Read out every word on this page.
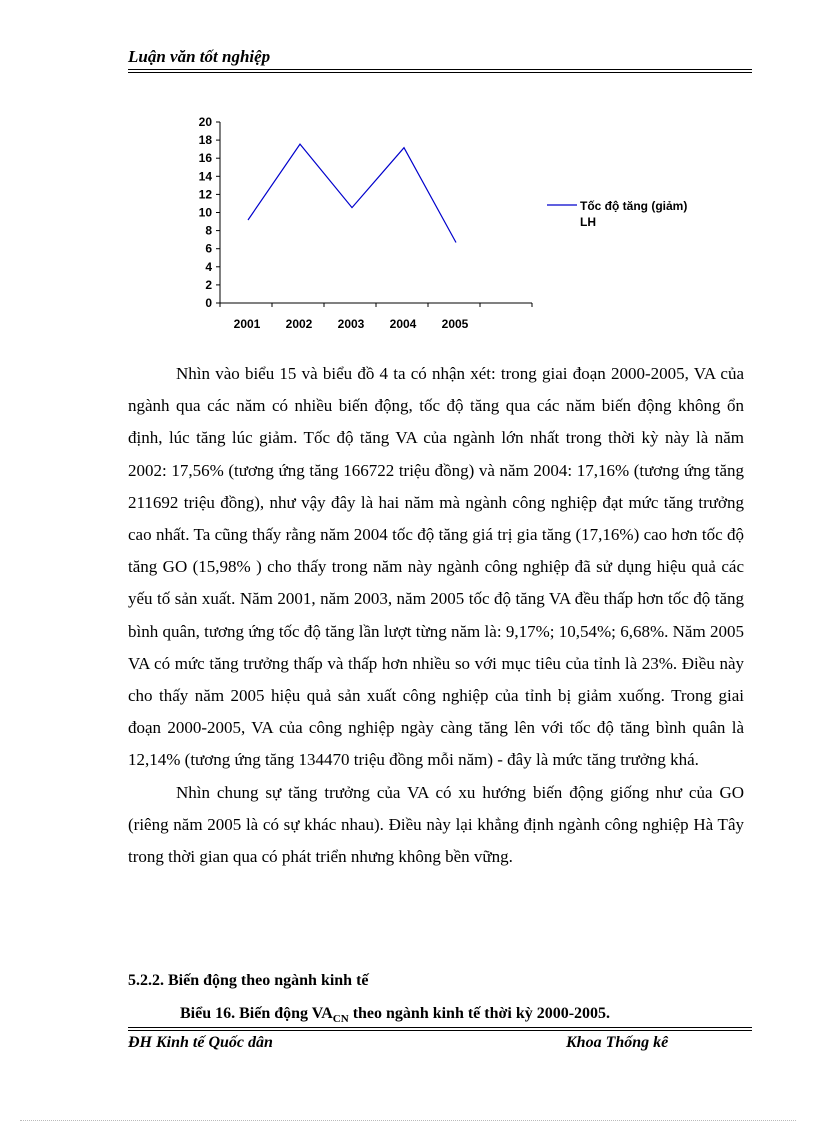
Luận văn tốt nghiệp
0
2
4
6
8
10
12
14
16
18
20
2001 2002 2003 2004 2005
Tốc độ tăng (giảm)
LH

Nhìn vào biểu 15 và biểu đồ 4 ta có nhận xét: trong giai đoạn 2000-2005, VA của ngành qua các năm có nhiều biến động, tốc độ tăng qua các năm biến động không ổn định, lúc tăng lúc giảm. Tốc độ tăng VA của ngành lớn nhất trong thời kỳ này là năm 2002: 17,56% (tương ứng tăng 166722 triệu đồng) và năm 2004: 17,16% (tương ứng tăng 211692 triệu đồng), như vậy đây là hai năm mà ngành công nghiệp đạt mức tăng trưởng cao nhất. Ta cũng thấy rằng năm 2004 tốc độ tăng giá trị gia tăng (17,16%) cao hơn tốc độ tăng GO (15,98% ) cho thấy trong năm này ngành công nghiệp đã sử dụng hiệu quả các yếu tố sản xuất. Năm 2001, năm 2003, năm 2005 tốc độ tăng VA đều thấp hơn tốc độ tăng bình quân, tương ứng tốc độ tăng lần lượt từng năm là: 9,17%; 10,54%; 6,68%. Năm 2005 VA có mức tăng trưởng thấp và thấp hơn nhiều so với mục tiêu của tỉnh là 23%. Điều này cho thấy năm 2005 hiệu quả sản xuất công nghiệp của tỉnh bị giảm xuống. Trong giai đoạn 2000-2005, VA của công nghiệp ngày càng tăng lên với tốc độ tăng bình quân là 12,14% (tương ứng tăng 134470 triệu đồng mỗi năm) - đây là mức tăng trưởng khá.

Nhìn chung sự tăng trưởng của VA có xu hướng biến động giống như của GO (riêng năm 2005 là có sự khác nhau). Điều này lại khẳng định ngành công nghiệp Hà Tây trong thời gian qua có phát triển nhưng không bền vững.

5.2.2. Biến động theo ngành kinh tế
Biểu 16. Biến động $VA_{CN}$ theo ngành kinh tế thời kỳ 2000-2005.
ĐH Kinh tế Quốc dân	Khoa Thống kê
